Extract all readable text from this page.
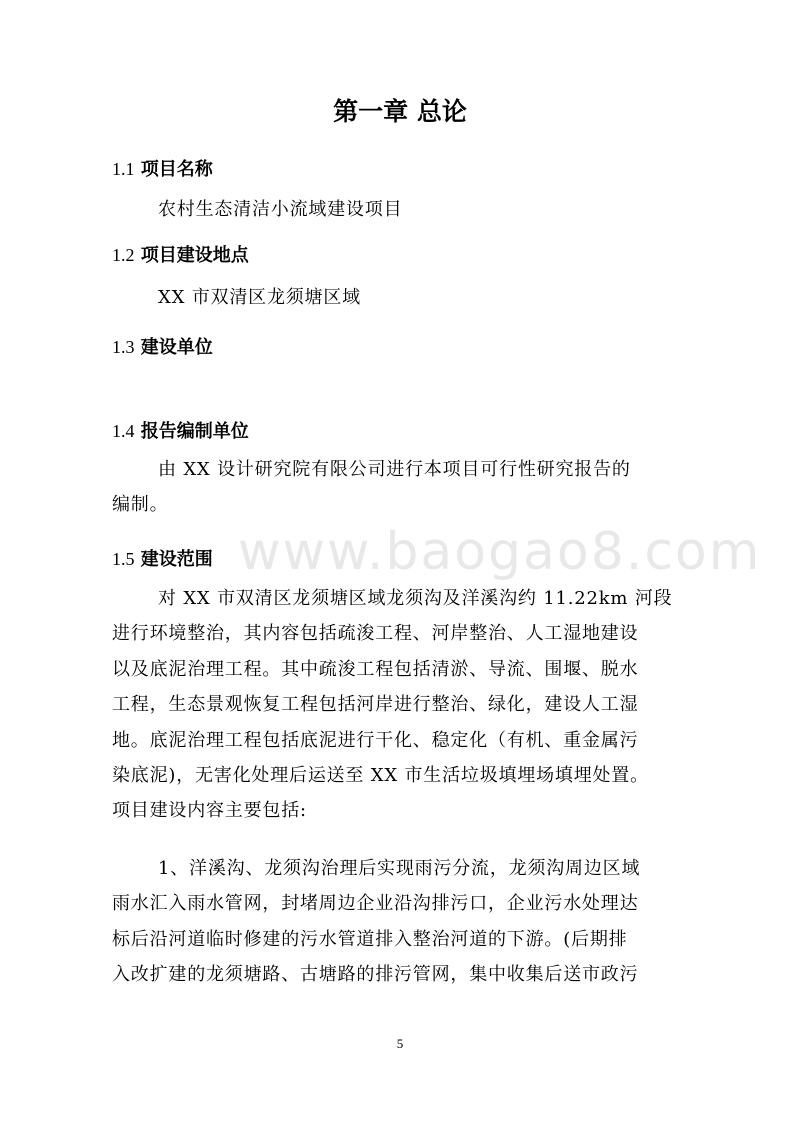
第一章 总论
1.1 项目名称
农村生态清洁小流域建设项目
1.2 项目建设地点
XX 市双清区龙须塘区域
1.3 建设单位
1.4 报告编制单位
由 XX 设计研究院有限公司进行本项目可行性研究报告的
编制。
www.baogao8.com
1.5 建设范围
对 XX 市双清区龙须塘区域龙须沟及洋溪沟约 11.22km 河段
进行环境整治，其内容包括疏浚工程、河岸整治、人工湿地建设
以及底泥治理工程。其中疏浚工程包括清淤、导流、围堰、脱水
工程，生态景观恢复工程包括河岸进行整治、绿化，建设人工湿
地。底泥治理工程包括底泥进行干化、稳定化（有机、重金属污
染底泥)，无害化处理后运送至 XX 市生活垃圾填埋场填埋处置。
项目建设内容主要包括:
1、洋溪沟、龙须沟治理后实现雨污分流，龙须沟周边区域
雨水汇入雨水管网，封堵周边企业沿沟排污口，企业污水处理达
标后沿河道临时修建的污水管道排入整治河道的下游。(后期排
入改扩建的龙须塘路、古塘路的排污管网，集中收集后送市政污
5
